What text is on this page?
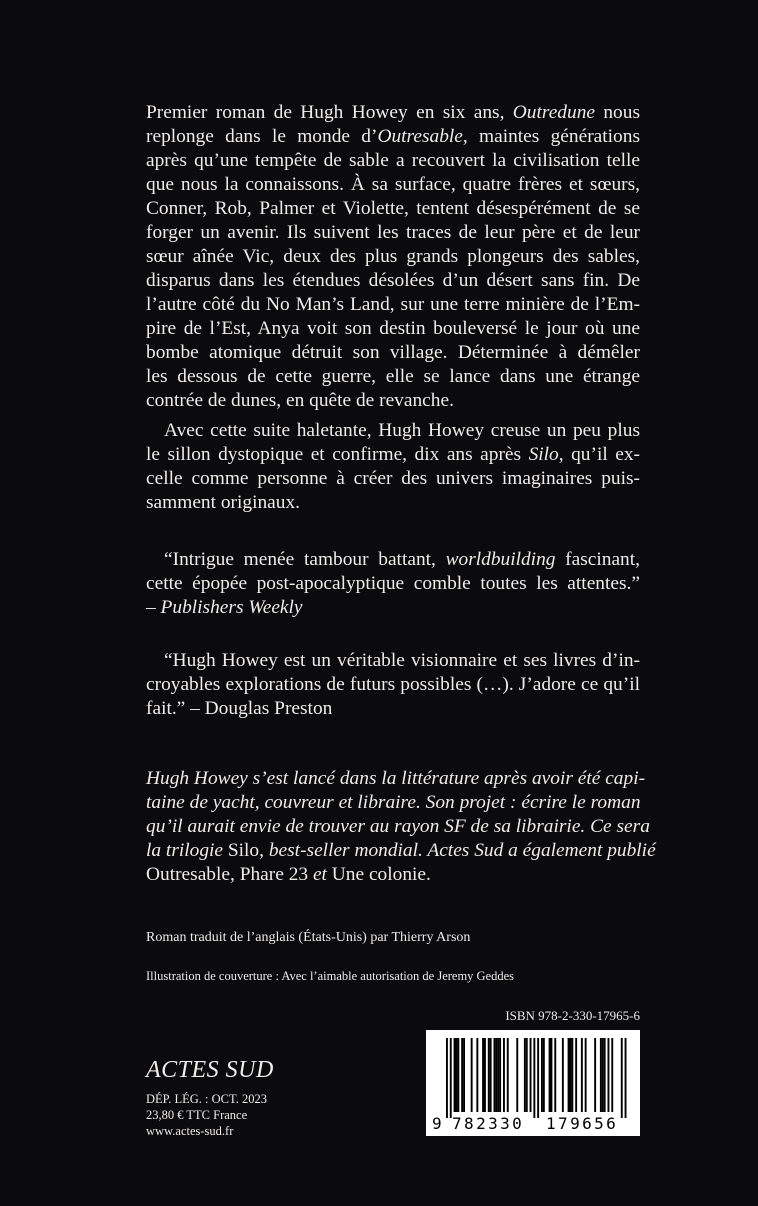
Premier roman de Hugh Howey en six ans, Outredune nous
replonge dans le monde d’Outresable, maintes générations
après qu’une tempête de sable a recouvert la civilisation telle
que nous la connaissons. À sa surface, quatre frères et sœurs,
Conner, Rob, Palmer et Violette, tentent désespérément de se
forger un avenir. Ils suivent les traces de leur père et de leur
sœur aînée Vic, deux des plus grands plongeurs des sables,
disparus dans les étendues désolées d’un désert sans fin. De
l’autre côté du No Man’s Land, sur une terre minière de l’Em-
pire de l’Est, Anya voit son destin bouleversé le jour où une
bombe atomique détruit son village. Déterminée à démêler
les dessous de cette guerre, elle se lance dans une étrange
contrée de dunes, en quête de revanche.
Avec cette suite haletante, Hugh Howey creuse un peu plus
le sillon dystopique et confirme, dix ans après Silo, qu’il ex-
celle comme personne à créer des univers imaginaires puis-
samment originaux.
“Intrigue menée tambour battant, worldbuilding fascinant,
cette épopée post-apocalyptique comble toutes les attentes.”
– Publishers Weekly
“Hugh Howey est un véritable visionnaire et ses livres d’in-
croyables explorations de futurs possibles (…). J’adore ce qu’il
fait.” – Douglas Preston
Hugh Howey s’est lancé dans la littérature après avoir été capi-
taine de yacht, couvreur et libraire. Son projet : écrire le roman
qu’il aurait envie de trouver au rayon SF de sa librairie. Ce sera
la trilogie Silo, best-seller mondial. Actes Sud a également publié
Outresable, Phare 23 et Une colonie.
Roman traduit de l’anglais (États-Unis) par Thierry Arson
Illustration de couverture : Avec l’aimable autorisation de Jeremy Geddes
ISBN 978-2-330-17965-6
9 782330	179656
ACTES SUD
DÉP. LÉG. : OCT. 2023
23,80 € TTC France
www.actes-sud.fr
